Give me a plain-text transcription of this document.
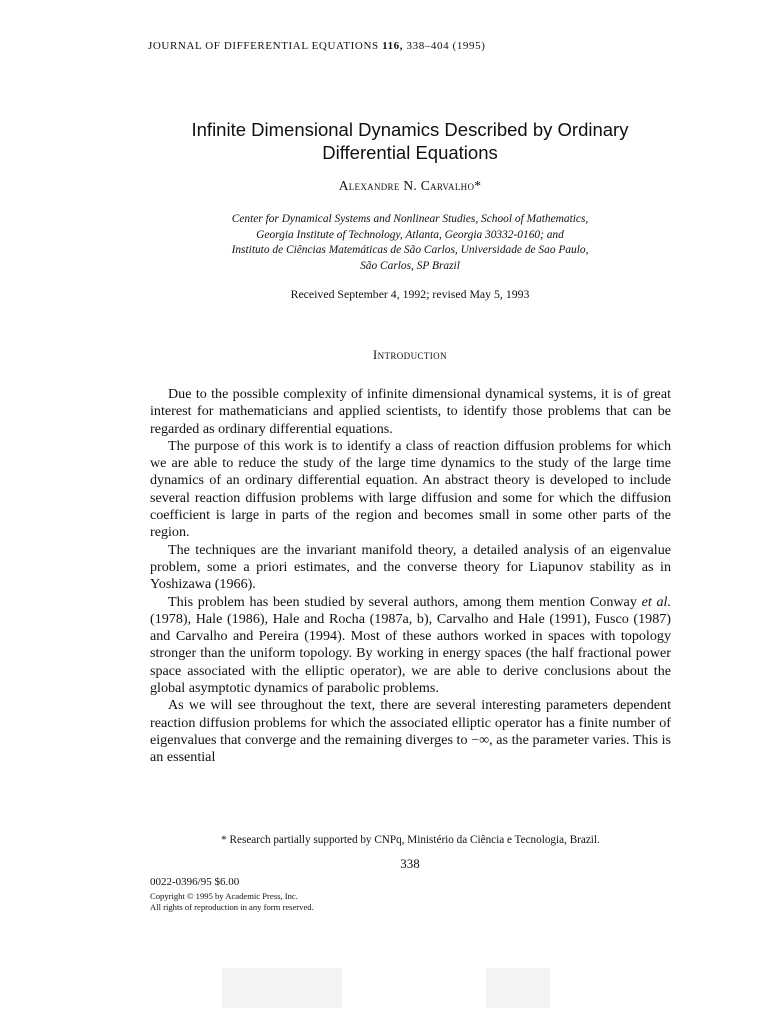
JOURNAL OF DIFFERENTIAL EQUATIONS 116, 338–404 (1995)
Infinite Dimensional Dynamics Described by Ordinary
Differential Equations
Alexandre N. Carvalho*
Center for Dynamical Systems and Nonlinear Studies, School of Mathematics,
Georgia Institute of Technology, Atlanta, Georgia 30332-0160; and
Instituto de Ciências Matemáticas de São Carlos, Universidade de Sao Paulo,
São Carlos, SP Brazil
Received September 4, 1992; revised May 5, 1993
Introduction

Due to the possible complexity of infinite dimensional dynamical systems, it is of great interest for mathematicians and applied scientists, to identify those problems that can be regarded as ordinary differential equations.

The purpose of this work is to identify a class of reaction diffusion problems for which we are able to reduce the study of the large time dynamics to the study of the large time dynamics of an ordinary differential equation. An abstract theory is developed to include several reaction diffusion problems with large diffusion and some for which the diffusion coefficient is large in parts of the region and becomes small in some other parts of the region.

The techniques are the invariant manifold theory, a detailed analysis of an eigenvalue problem, some a priori estimates, and the converse theory for Liapunov stability as in Yoshizawa (1966).

This problem has been studied by several authors, among them mention Conway et al. (1978), Hale (1986), Hale and Rocha (1987a, b), Carvalho and Hale (1991), Fusco (1987) and Carvalho and Pereira (1994). Most of these authors worked in spaces with topology stronger than the uniform topology. By working in energy spaces (the half fractional power space associated with the elliptic operator), we are able to derive conclusions about the global asymptotic dynamics of parabolic problems.

As we will see throughout the text, there are several interesting parameters dependent reaction diffusion problems for which the associated elliptic operator has a finite number of eigenvalues that converge and the remaining diverges to −∞, as the parameter varies. This is an essential

* Research partially supported by CNPq, Ministério da Ciência e Tecnologia, Brazil.
338
0022-0396/95 $6.00
Copyright © 1995 by Academic Press, Inc.
All rights of reproduction in any form reserved.
